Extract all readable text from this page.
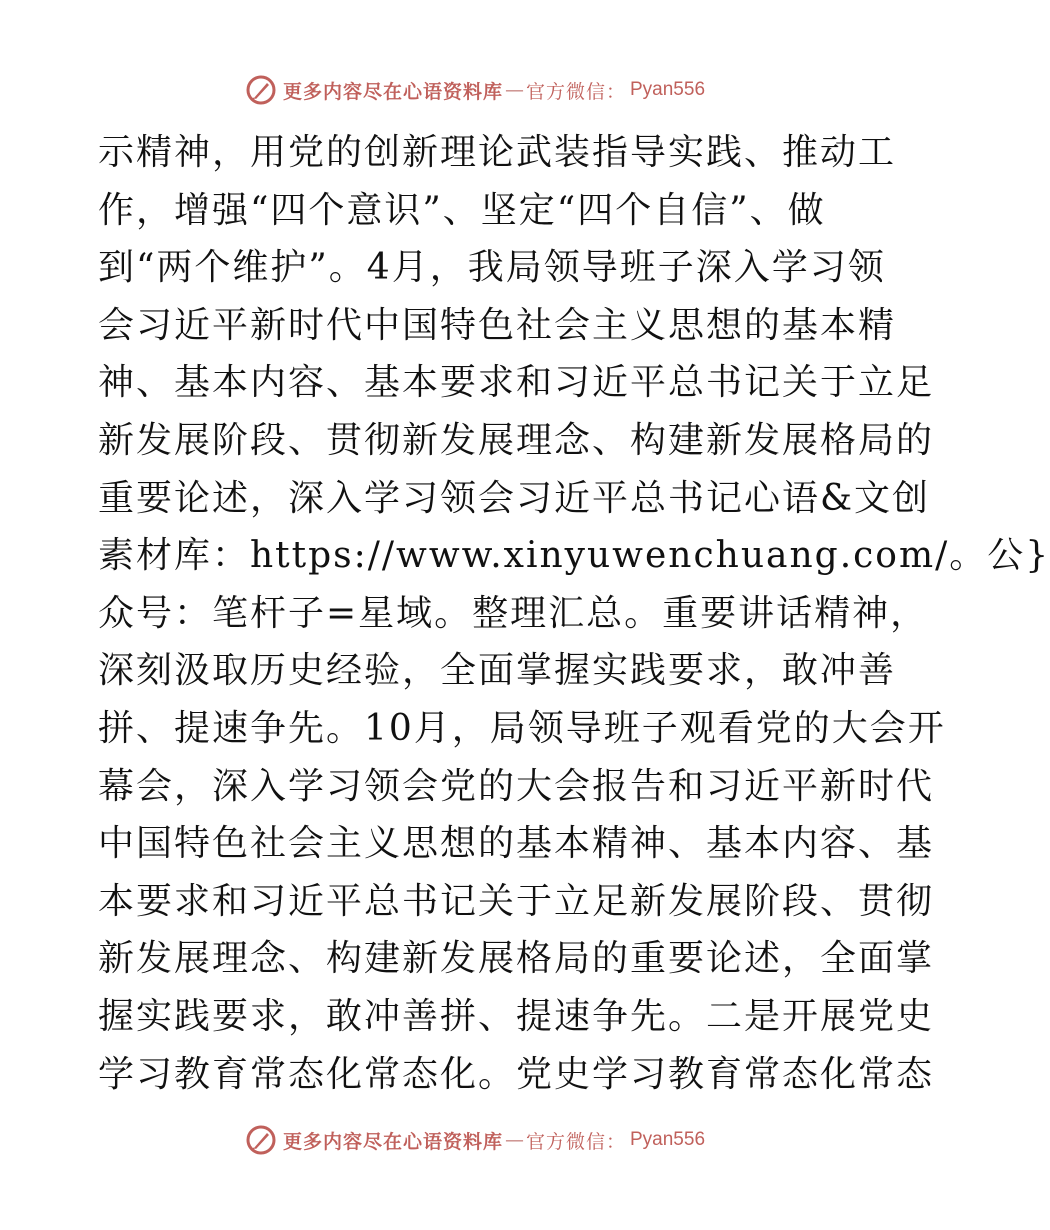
更多内容尽在心语资料库 — 官方微信： Pyan556
示精神，用党的创新理论武装指导实践、推动工
作，增强“四个意识”、坚定“四个自信”、做
到“两个维护”。4月，我局领导班子深入学习领
会习近平新时代中国特色社会主义思想的基本精
神、基本内容、基本要求和习近平总书记关于立足
新发展阶段、贯彻新发展理念、构建新发展格局的
重要论述，深入学习领会习近平总书记心语&文创
素材库：https://www.xinyuwenchuang.com/。公}
众号：笔杆子=星域。整理汇总。重要讲话精神，
深刻汲取历史经验，全面掌握实践要求，敢冲善
拼、提速争先。10月，局领导班子观看党的大会开
幕会，深入学习领会党的大会报告和习近平新时代
中国特色社会主义思想的基本精神、基本内容、基
本要求和习近平总书记关于立足新发展阶段、贯彻
新发展理念、构建新发展格局的重要论述，全面掌
握实践要求，敢冲善拼、提速争先。二是开展党史
学习教育常态化常态化。党史学习教育常态化常态
更多内容尽在心语资料库 — 官方微信： Pyan556
